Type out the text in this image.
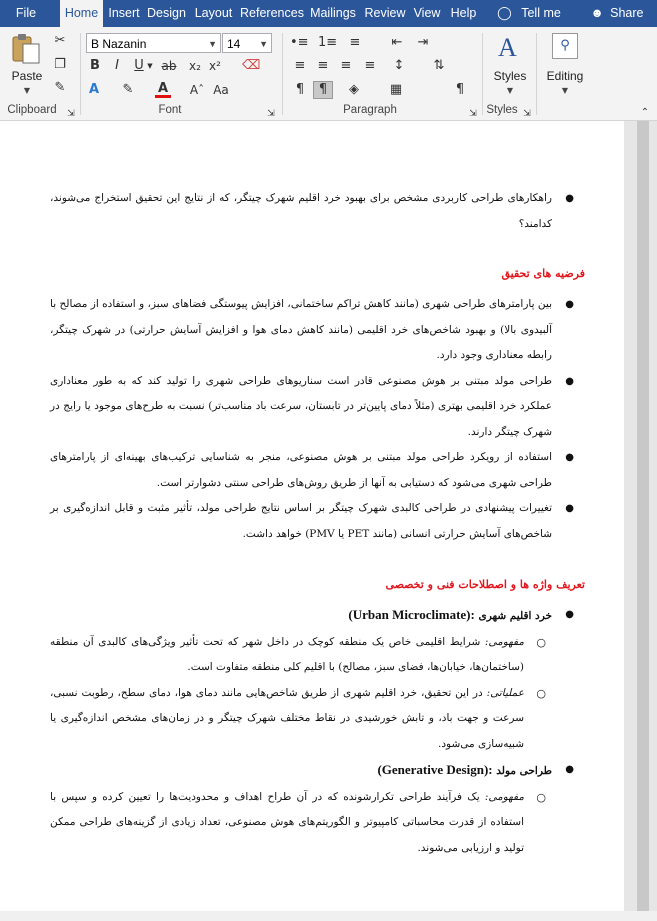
File	Home Insert Design Layout References Mailings Review View Help	◯ Tell me	☻ Share
Paste
▼
✂
❐
✎
Clipboard	⇲
B Nazanin	▼ 14 ▼
B	I	U ▼ ab x₂ x² ⌫
A ✎ A Aˆ Aa
Font	⇲
•≡ 1≡ ≡ ⇤ ⇥
≡ ≡ ≡ ≡ ↕ ⇅
¶	¶	◈	▦	¶
Paragraph	⇲
A
Styles
▼
Styles ⇲
⚲
Editing
▼
⌃
●

راهکارهای طراحی کاربردی مشخص برای بهبود خرد اقلیم شهرک چیتگر، که از نتایج این تحقیق استخراج می‌شوند، کدامند؟

فرضیه های تحقیق
●

بین پارامترهای طراحی شهری (مانند کاهش تراکم ساختمانی، افزایش پیوستگی فضاهای سبز، و استفاده از مصالح با آلبیدوی بالا) و بهبود شاخص‌های خرد اقلیمی (مانند کاهش دمای هوا و افزایش آسایش حرارتی) در شهرک چیتگر، رابطه معناداری وجود دارد.

●

طراحی مولد مبتنی بر هوش مصنوعی قادر است سناریوهای طراحی شهری را تولید کند که به طور معناداری عملکرد خرد اقلیمی بهتری (مثلاً دمای پایین‌تر در تابستان، سرعت باد مناسب‌تر) نسبت به طرح‌های موجود یا رایج در شهرک چیتگر دارند.

●

استفاده از رویکرد طراحی مولد مبتنی بر هوش مصنوعی، منجر به شناسایی ترکیب‌های بهینه‌ای از پارامترهای طراحی شهری می‌شود که دستیابی به آنها از طریق روش‌های طراحی سنتی دشوارتر است.

●

تغییرات پیشنهادی در طراحی کالبدی شهرک چیتگر بر اساس نتایج طراحی مولد، تأثیر مثبت و قابل اندازه‌گیری بر شاخص‌های آسایش حرارتی انسانی (مانند PET یا PMV) خواهد داشت.

تعریف واژه ها و اصطلاحات فنی و تخصصی
●

خرد اقلیم شهری (Urban Microclimate):

○

مفهومی: شرایط اقلیمی خاص یک منطقه کوچک در داخل شهر که تحت تأثیر ویژگی‌های کالبدی آن منطقه (ساختمان‌ها، خیابان‌ها، فضای سبز، مصالح) با اقلیم کلی منطقه متفاوت است.

○

عملیاتی: در این تحقیق، خرد اقلیم شهری از طریق شاخص‌هایی مانند دمای هوا، دمای سطح، رطوبت نسبی، سرعت و جهت باد، و تابش خورشیدی در نقاط مختلف شهرک چیتگر و در زمان‌های مشخص اندازه‌گیری یا شبیه‌سازی می‌شود.

●

طراحی مولد (Generative Design):

○

مفهومی: یک فرآیند طراحی تکرارشونده که در آن طراح اهداف و محدودیت‌ها را تعیین کرده و سپس با استفاده از قدرت محاسباتی کامپیوتر و الگوریتم‌های هوش مصنوعی، تعداد زیادی از گزینه‌های طراحی ممکن تولید و ارزیابی می‌شوند.
